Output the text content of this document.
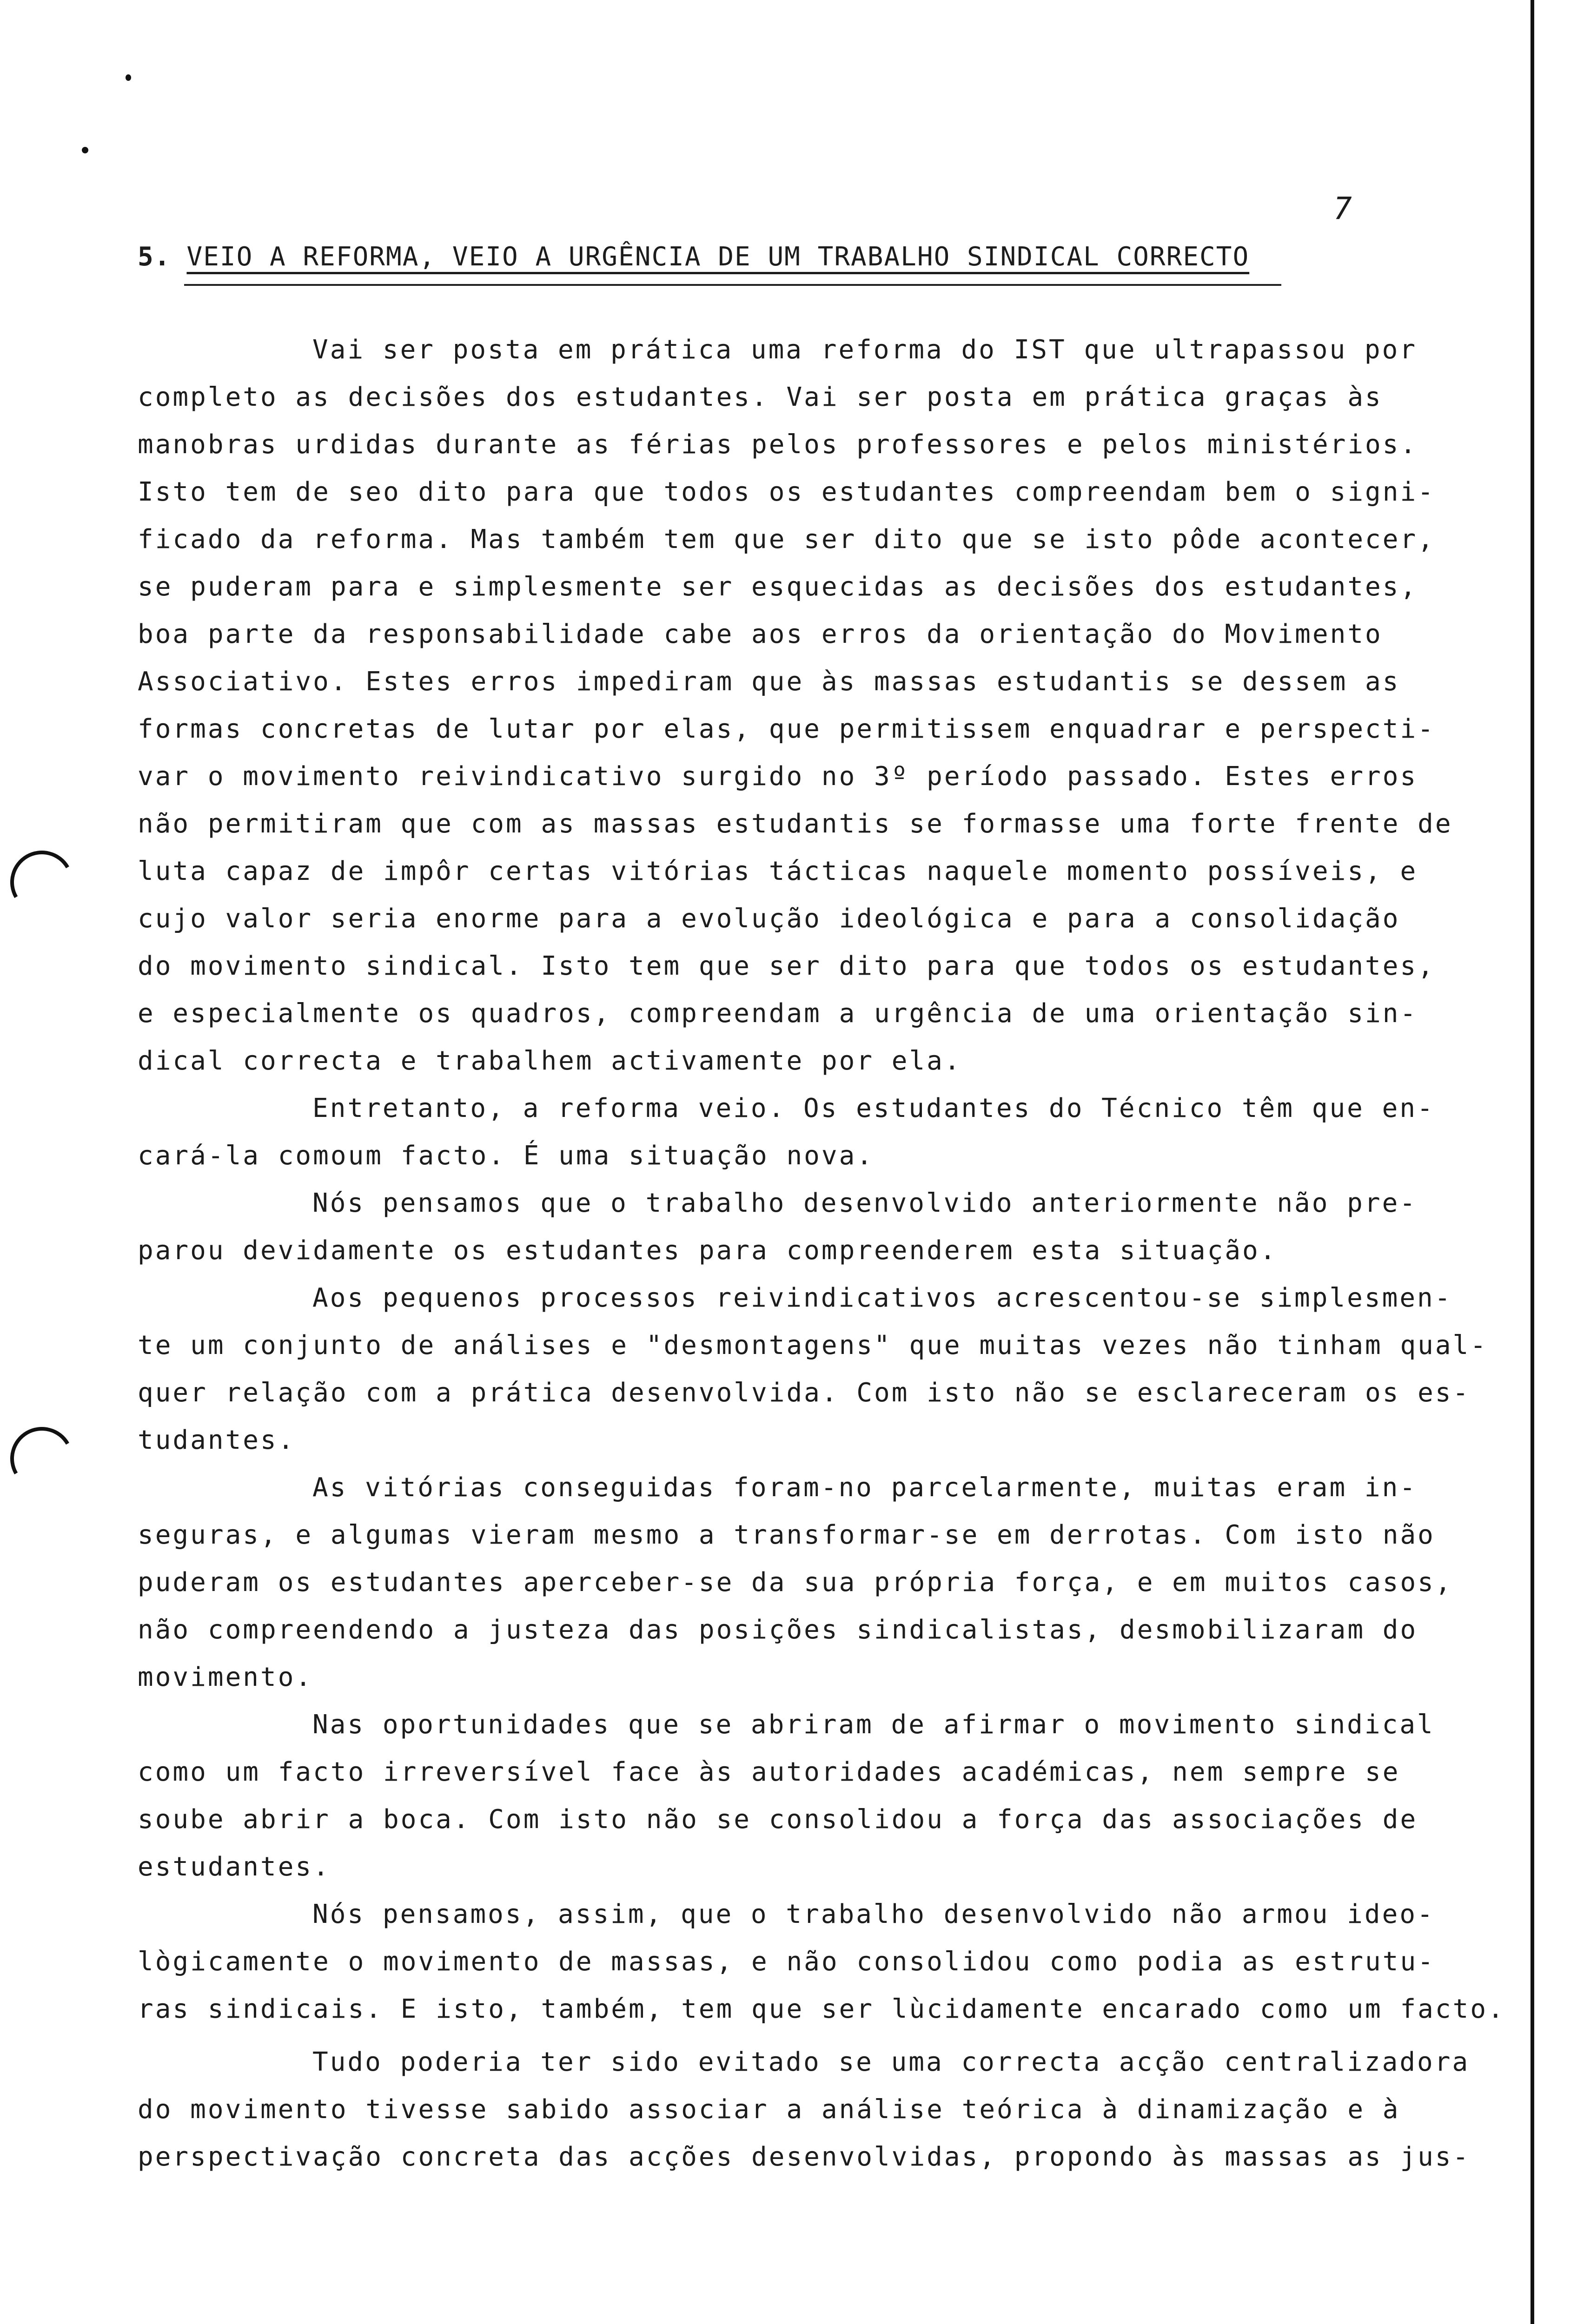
7
5. VEIO A REFORMA, VEIO A URGÊNCIA DE UM TRABALHO SINDICAL CORRECTO

Vai ser posta em prática uma reforma do IST que ultrapassou por
completo as decisões dos estudantes. Vai ser posta em prática graças às
manobras urdidas durante as férias pelos professores e pelos ministérios.
Isto tem de seo dito para que todos os estudantes compreendam bem o signi-
ficado da reforma. Mas também tem que ser dito que se isto pôde acontecer,
se puderam para e simplesmente ser esquecidas as decisões dos estudantes,
boa parte da responsabilidade cabe aos erros da orientação do Movimento
Associativo. Estes erros impediram que às massas estudantis se dessem as
formas concretas de lutar por elas, que permitissem enquadrar e perspecti-
var o movimento reivindicativo surgido no 3º período passado. Estes erros
não permitiram que com as massas estudantis se formasse uma forte frente de
luta capaz de impôr certas vitórias tácticas naquele momento possíveis, e
cujo valor seria enorme para a evolução ideológica e para a consolidação
do movimento sindical. Isto tem que ser dito para que todos os estudantes,
e especialmente os quadros, compreendam a urgência de uma orientação sin-
dical correcta e trabalhem activamente por ela.

Entretanto, a reforma veio. Os estudantes do Técnico têm que en-
cará-la comoum facto. É uma situação nova.

Nós pensamos que o trabalho desenvolvido anteriormente não pre-
parou devidamente os estudantes para compreenderem esta situação.

Aos pequenos processos reivindicativos acrescentou-se simplesmen-
te um conjunto de análises e "desmontagens" que muitas vezes não tinham qual-
quer relação com a prática desenvolvida. Com isto não se esclareceram os es-
tudantes.

As vitórias conseguidas foram-no parcelarmente, muitas eram in-
seguras, e algumas vieram mesmo a transformar-se em derrotas. Com isto não
puderam os estudantes aperceber-se da sua própria força, e em muitos casos,
não compreendendo a justeza das posições sindicalistas, desmobilizaram do
movimento.

Nas oportunidades que se abriram de afirmar o movimento sindical
como um facto irreversível face às autoridades académicas, nem sempre se
soube abrir a boca. Com isto não se consolidou a força das associações de
estudantes.

Nós pensamos, assim, que o trabalho desenvolvido não armou ideo-
lògicamente o movimento de massas, e não consolidou como podia as estrutu-
ras sindicais. E isto, também, tem que ser lùcidamente encarado como um facto.

Tudo poderia ter sido evitado se uma correcta acção centralizadora
do movimento tivesse sabido associar a análise teórica à dinamização e à
perspectivação concreta das acções desenvolvidas, propondo às massas as jus-
